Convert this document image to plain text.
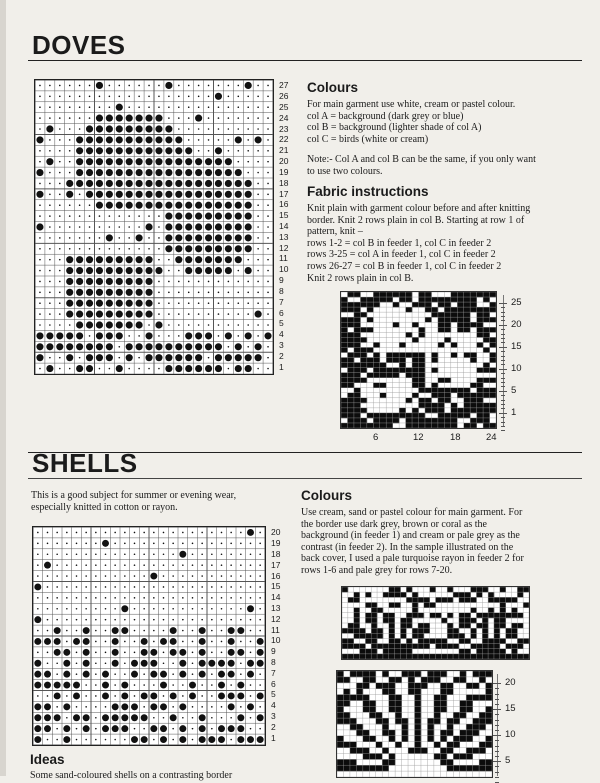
DOVES
27
26
25
24
23
22
21
20
19
18
17
16
15
14
13
12
11
10
9
8
7
6
5
4
3
2
1
Colours

For main garment use white, cream or pastel colour.

col A = background (dark grey or blue)

col B = background (lighter shade of col A)

col C = birds (white or cream)

Note:- Col A and col B can be the same, if you only want

to use two colours.

Fabric instructions

Knit plain with garment colour before and after knitting

border. Knit 2 rows plain in col B. Starting at row 1 of

pattern, knit –

rows 1-2 = col B in feeder 1, col C in feeder 2

rows 3-25 = col A in feeder 1, col C in feeder 2

rows 26-27 = col B in feeder 1, col C in feeder 2

Knit 2 rows plain in col B.

25
20
15
10
5
1
6	12	18	24
SHELLS

This is a good subject for summer or evening wear,

especially knitted in cotton or rayon.

20
19
18
17
16
15
14
13
12
11
10
9
8
7
6
5
4
3
2
1
Colours

Use cream, sand or pastel colour for main garment. For

the border use dark grey, brown or coral as the

background (in feeder 1) and cream or pale grey as the

contrast (in feeder 2). In the sample illustrated on the

back cover, I used a pale turquoise rayon in feeder 2 for

rows 1-6 and pale grey for rows 7-20.

20
15
10
5
Ideas

Some sand-coloured shells on a contrasting border
